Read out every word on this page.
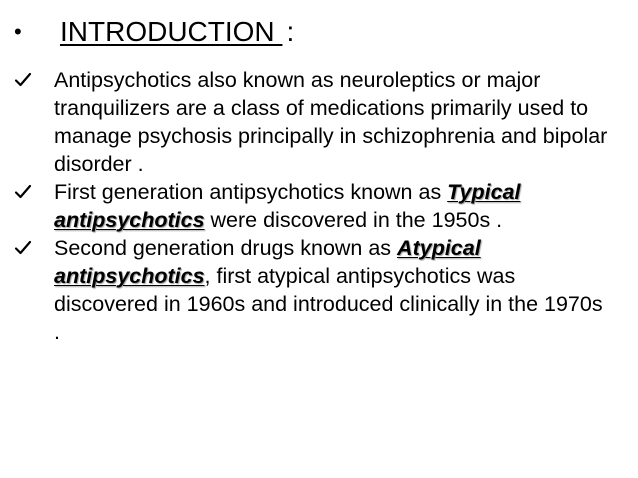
• INTRODUCTION :
Antipsychotics also known as neuroleptics or major tranquilizers are a class of medications primarily used to manage psychosis principally in schizophrenia and bipolar disorder .
First generation antipsychotics known as Typical antipsychotics were discovered in the 1950s .
Second generation drugs known as Atypical antipsychotics, first atypical antipsychotics was discovered in 1960s and introduced clinically in the 1970s .
